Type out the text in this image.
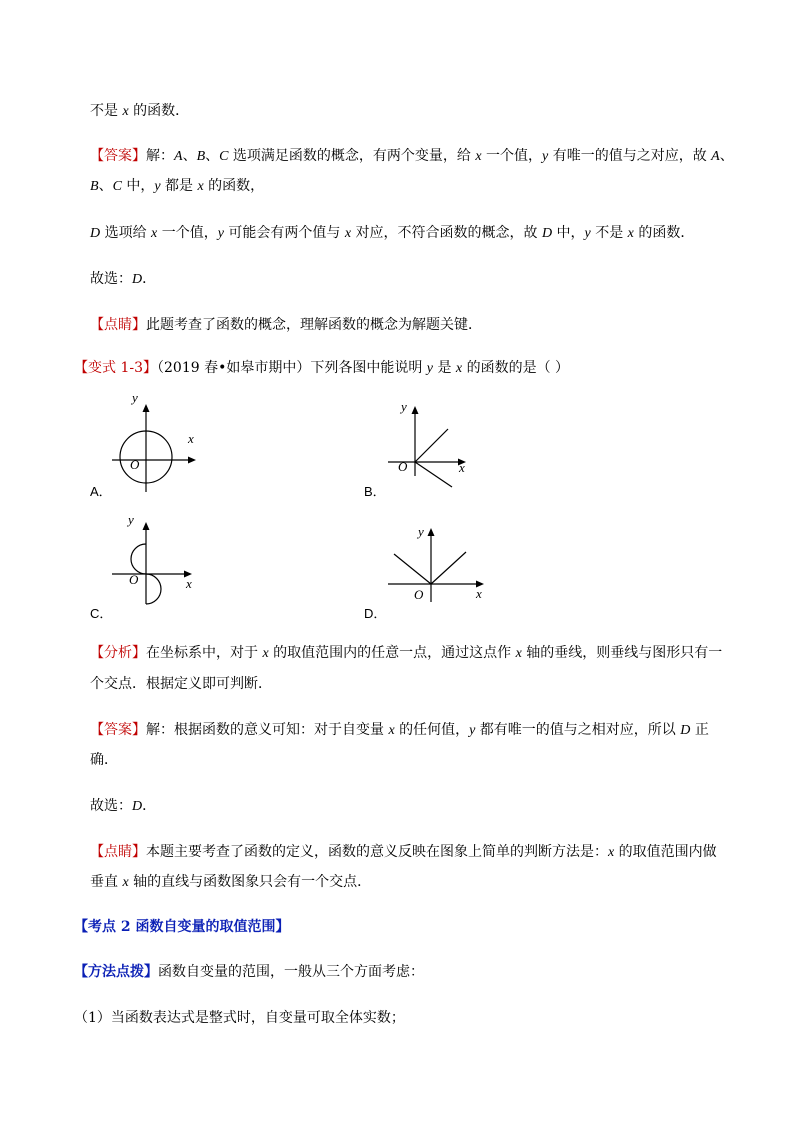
不是 x 的函数．
【答案】解：A、B、C 选项满足函数的概念，有两个变量，给 x 一个值，y 有唯一的值与之对应，故 A、
B、C 中，y 都是 x 的函数，
D 选项给 x 一个值，y 可能会有两个值与 x 对应，不符合函数的概念，故 D 中，y 不是 x 的函数．
故选：D．
【点睛】此题考查了函数的概念，理解函数的概念为解题关键．
【变式 1-3】（2019 春•如皋市期中）下列各图中能说明 y 是 x 的函数的是（ ）
y
x
O
A．
y
x
O
B．
y
x
O
C．
y
x
O
D．
【分析】在坐标系中，对于 x 的取值范围内的任意一点，通过这点作 x 轴的垂线，则垂线与图形只有一
个交点．根据定义即可判断．
【答案】解：根据函数的意义可知：对于自变量 x 的任何值，y 都有唯一的值与之相对应，所以 D 正
确．
故选：D．
【点睛】本题主要考查了函数的定义，函数的意义反映在图象上简单的判断方法是：x 的取值范围内做
垂直 x 轴的直线与函数图象只会有一个交点．
【考点 2 函数自变量的取值范围】
【方法点拨】函数自变量的范围，一般从三个方面考虑：
（1）当函数表达式是整式时，自变量可取全体实数；
